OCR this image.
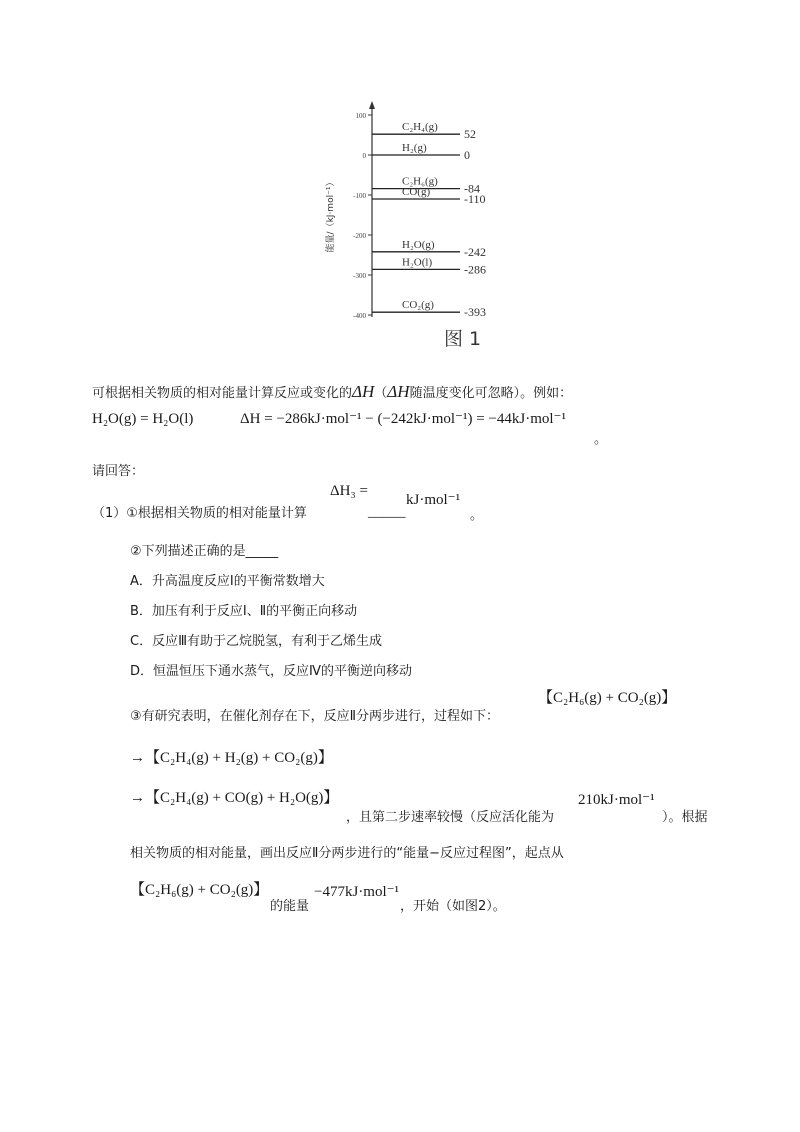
100
0
-100
-200
-300
-400
能量/（kJ·mol⁻¹）
C₂H₄(g) 52
H₂(g)	0
C₂H₆(g) -84
CO(g)	-110
H₂O(g) -242
H₂O(l)	-286
CO₂(g)	-393
图 1
可根据相关物质的相对能量计算反应或变化的ΔH（ΔH随温度变化可忽略）。例如：
H₂O(g) = H₂O(l)	ΔH = −286kJ·mol⁻¹ − (−242kJ·mol⁻¹) = −44kJ·mol⁻¹
。
请回答：
（1）①根据相关物质的相对能量计算
ΔH₃ =
_____
kJ·mol⁻¹
。
②下列描述正确的是_____
A．升高温度反应Ⅰ的平衡常数增大
B．加压有利于反应Ⅰ、Ⅱ的平衡正向移动
C．反应Ⅲ有助于乙烷脱氢，有利于乙烯生成
D．恒温恒压下通水蒸气，反应Ⅳ的平衡逆向移动
③有研究表明，在催化剂存在下，反应Ⅱ分两步进行，过程如下：
【C₂H₆(g) + CO₂(g)】
→【C₂H₄(g) + H₂(g) + CO₂(g)】
→【C₂H₄(g) + CO(g) + H₂O(g)】
，且第二步速率较慢（反应活化能为
210kJ·mol⁻¹
）。根据
相关物质的相对能量，画出反应Ⅱ分两步进行的“能量−反应过程图”，起点从
【C₂H₆(g) + CO₂(g)】
的能量
−477kJ·mol⁻¹
，开始（如图2）。
